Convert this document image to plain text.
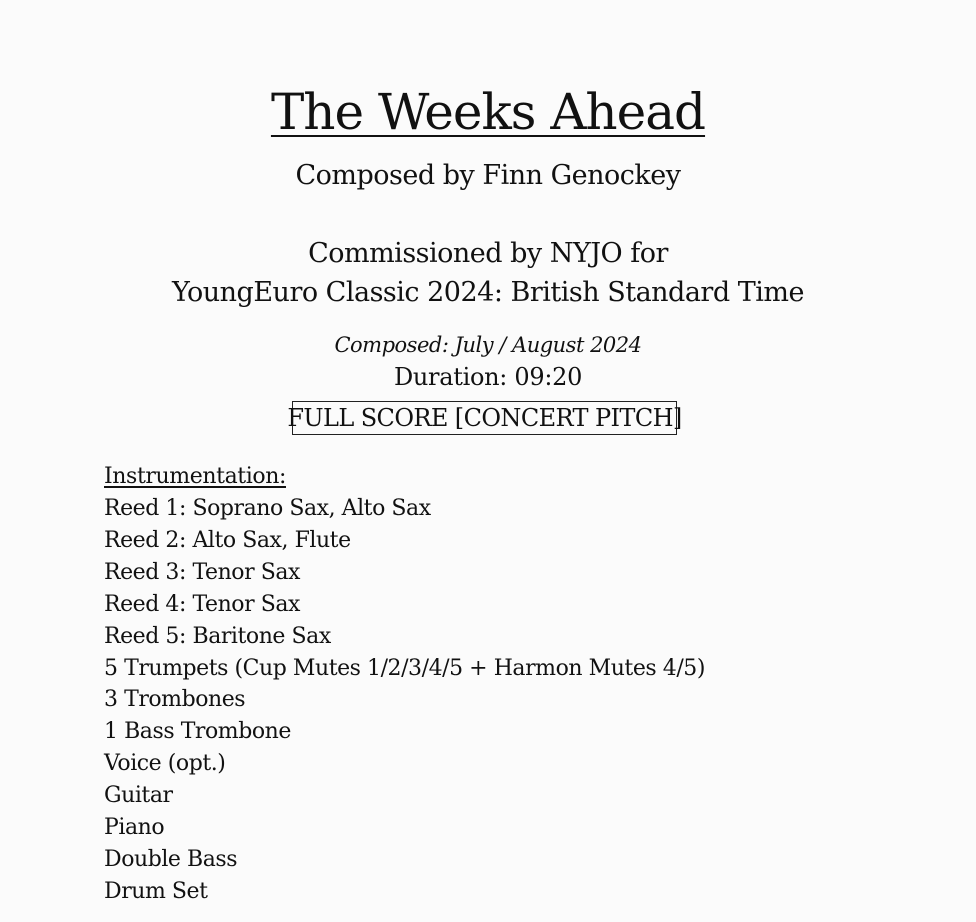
The Weeks Ahead
Composed by Finn Genockey
Commissioned by NYJO for
YoungEuro Classic 2024: British Standard Time
Composed: July / August 2024
Duration: 09:20
FULL SCORE [CONCERT PITCH]
Instrumentation:
Reed 1: Soprano Sax, Alto Sax
Reed 2: Alto Sax, Flute
Reed 3: Tenor Sax
Reed 4: Tenor Sax
Reed 5: Baritone Sax
5 Trumpets (Cup Mutes 1/2/3/4/5 + Harmon Mutes 4/5)
3 Trombones
1 Bass Trombone
Voice (opt.)
Guitar
Piano
Double Bass
Drum Set
